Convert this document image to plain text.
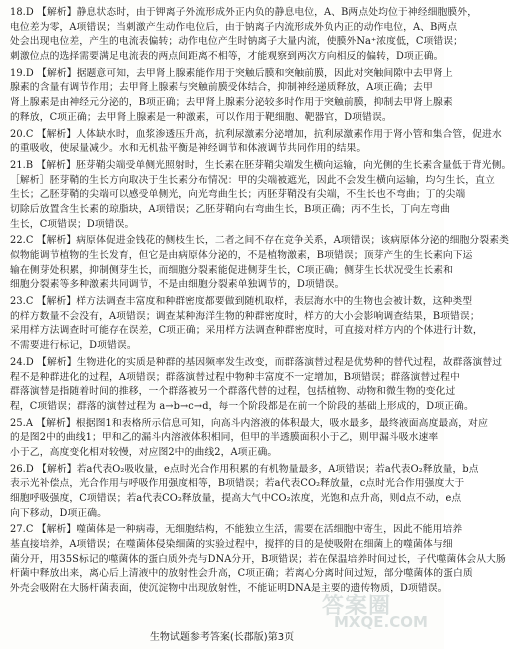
18.D 【解析】静息状态时，由于钾离子外流形成外正内负的静息电位，A、B两点处均位于神经细胞膜外，
电位差为零，A项错误；当刺激产生动作电位后，由于钠离子内流形成外负内正的动作电位，A、B两点
处会出现电位差，产生的电流表偏转；动作电位产生时钠离子大量内流，使膜外Na⁺浓度低，C项错误；
刺激位点的选择需要满足电流表的两点间距离不相等，才能观察到两次方向相反的偏转，D项正确。
19.D 【解析】据题意可知，去甲肾上腺素能作用于突触后膜和突触前膜，因此对突触间隙中去甲肾上
腺素的含量有调节作用；去甲肾上腺素与突触前膜受体结合，抑制神经递质释放，A项正确；去甲
肾上腺素是由神经元分泌的，B项正确；去甲肾上腺素分泌较多时作用于突触前膜，抑制去甲肾上腺素
的释放，C项正确；去甲肾上腺素是一种激素，可以作用于靶细胞、靶器官，D项错误。
20.C 【解析】人体缺水时，血浆渗透压升高，抗利尿激素分泌增加，抗利尿激素作用于肾小管和集合管，促进水
的重吸收，使尿量减少。水和无机盐平衡是神经调节和体液调节共同作用的结果。
21.B 【解析】胚芽鞘尖端受单侧光照射时，生长素在胚芽鞘尖端发生横向运输，向光侧的生长素含量低于背光侧。
［解析］胚芽鞘的生长方向取决于生长素分布情况：甲的尖端被遮光，因此不会发生横向运输，均匀生长，直立
生长；乙胚芽鞘的尖端可以感受单侧光，向光弯曲生长；丙胚芽鞘没有尖端，不生长也不弯曲；丁的尖端
切除后放置含生长素的琼脂块，A项错误；乙胚芽鞘向右弯曲生长，B项正确；丙不生长，丁向左弯曲
生长，C项错误；D项错误。
22.C 【解析】病原体促进金钱花的侧枝生长，二者之间不存在竞争关系，A项错误；该病原体分泌的细胞分裂素类
似物能调节植物的生长发育，但它是由病原体分泌的，不是植物激素，B项错误；顶芽产生的生长素向下运
输在侧芽处积累，抑制侧芽生长，而细胞分裂素能促进侧芽生长，C项正确；侧芽生长状况受生长素和
细胞分裂素等多种激素共同调节，不是由细胞分裂素单独调节的，D项错误。
23.C 【解析】样方法调查丰富度和种群密度都要做到随机取样，表层海水中的生物也会被计数，这种类型
的样方数量不会没有，A项错误；调查某种海洋生物的种群密度时，样方的大小会影响调查结果，B项错误；
采用样方法调查时可能存在误差，C项正确；采用样方法调查种群密度时，可直接对样方内的个体进行计数，
不需要进行标记，D项错误。
24.D 【解析】生物进化的实质是种群的基因频率发生改变，而群落演替过程是优势种的替代过程，故群落演替过
程不是种群进化的过程，A项错误；群落演替过程中物种丰富度不一定增加，B项错误；群落演替过程中
群落演替是指随着时间的推移，一个群落被另一个群落代替的过程，包括植物、动物和微生物的变化过
程，C项错误；群落的演替过程为 a→b→c→d，每一个阶段都是在前一个阶段的基础上形成的，D项正确。
25.A 【解析】根据图1和表格所示信息可知，向高斗内溶液的体积最大，吸水最多，最终液面高度最高，对应
的是图2中的曲线1；甲和乙的漏斗内溶液体积相同，但甲的半透膜面积小于乙，则甲漏斗吸水速率
小于乙，高度变化相对较慢，对应图2中的曲线2，A项正确。
26.D 【解析】若a代表O₂吸收量，e点时光合作用积累的有机物量最多，A项错误；若a代表O₂释放量，b点
表示光补偿点，光合作用与呼吸作用强度相等，B项错误；若a代表CO₂释放量，c点时光合作用强度大于
细胞呼吸强度，C项错误；若a代表CO₂释放量，提高大气中CO₂浓度，光饱和点升高，则d点不动，e点
向下移动，D项正确。
27.C 【解析】噬菌体是一种病毒，无细胞结构，不能独立生活，需要在活细胞中寄生，因此不能用培养
基直接培养，A项错误；在噬菌体侵染细菌的实验过程中，搅拌的目的是使吸附在细菌上的噬菌体与细
菌分开，用35S标记的噬菌体的蛋白质外壳与DNA分开，B项错误；若在保温培养时间过长，子代噬菌体会从大肠
杆菌中释放出来，离心后上清液中的放射性会升高，C项正确；若离心分离时间过短，部分噬菌体的蛋白质
外壳会吸附在大肠杆菌表面，使沉淀物中出现放射性，不能证明DNA是主要的遗传物质，D项错误。
生物试题参考答案(长郡版)第3页
答案圈
MXQE.COM
